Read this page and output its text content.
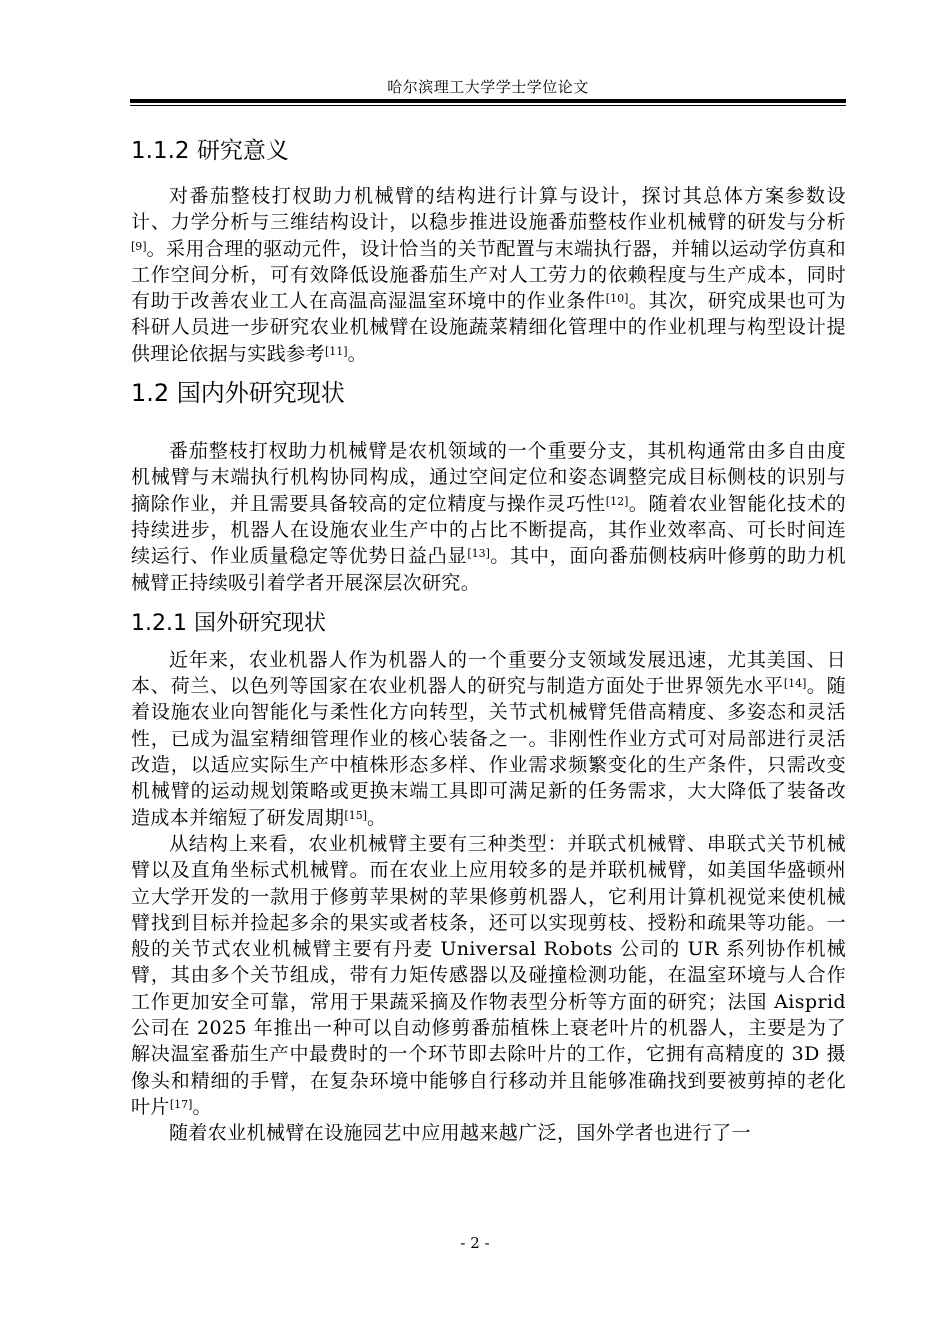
哈尔滨理工大学学士学位论文
1.1.2 研究意义

对番茄整枝打杈助力机械臂的结构进行计算与设计，探讨其总体方案参数设计、力学分析与三维结构设计，以稳步推进设施番茄整枝作业机械臂的研发与分析[9]。采用合理的驱动元件，设计恰当的关节配置与末端执行器，并辅以运动学仿真和工作空间分析，可有效降低设施番茄生产对人工劳力的依赖程度与生产成本，同时有助于改善农业工人在高温高湿温室环境中的作业条件[10]。其次，研究成果也可为科研人员进一步研究农业机械臂在设施蔬菜精细化管理中的作业机理与构型设计提供理论依据与实践参考[11]。

1.2 国内外研究现状

番茄整枝打杈助力机械臂是农机领域的一个重要分支，其机构通常由多自由度机械臂与末端执行机构协同构成，通过空间定位和姿态调整完成目标侧枝的识别与摘除作业，并且需要具备较高的定位精度与操作灵巧性[12]。随着农业智能化技术的持续进步，机器人在设施农业生产中的占比不断提高，其作业效率高、可长时间连续运行、作业质量稳定等优势日益凸显[13]。其中，面向番茄侧枝病叶修剪的助力机械臂正持续吸引着学者开展深层次研究。

1.2.1 国外研究现状

近年来，农业机器人作为机器人的一个重要分支领域发展迅速，尤其美国、日本、荷兰、以色列等国家在农业机器人的研究与制造方面处于世界领先水平[14]。随着设施农业向智能化与柔性化方向转型，关节式机械臂凭借高精度、多姿态和灵活性，已成为温室精细管理作业的核心装备之一。非刚性作业方式可对局部进行灵活改造，以适应实际生产中植株形态多样、作业需求频繁变化的生产条件，只需改变机械臂的运动规划策略或更换末端工具即可满足新的任务需求，大大降低了装备改造成本并缩短了研发周期[15]。

从结构上来看，农业机械臂主要有三种类型：并联式机械臂、串联式关节机械臂以及直角坐标式机械臂。而在农业上应用较多的是并联机械臂，如美国华盛顿州立大学开发的一款用于修剪苹果树的苹果修剪机器人，它利用计算机视觉来使机械臂找到目标并捡起多余的果实或者枝条，还可以实现剪枝、授粉和疏果等功能。一般的关节式农业机械臂主要有丹麦 Universal Robots 公司的 UR 系列协作机械臂，其由多个关节组成，带有力矩传感器以及碰撞检测功能，在温室环境与人合作工作更加安全可靠，常用于果蔬采摘及作物表型分析等方面的研究；法国 Aisprid 公司在 2025 年推出一种可以自动修剪番茄植株上衰老叶片的机器人，主要是为了解决温室番茄生产中最费时的一个环节即去除叶片的工作，它拥有高精度的 3D 摄像头和精细的手臂，在复杂环境中能够自行移动并且能够准确找到要被剪掉的老化叶片[17]。

随着农业机械臂在设施园艺中应用越来越广泛，国外学者也进行了一

- 2 -
